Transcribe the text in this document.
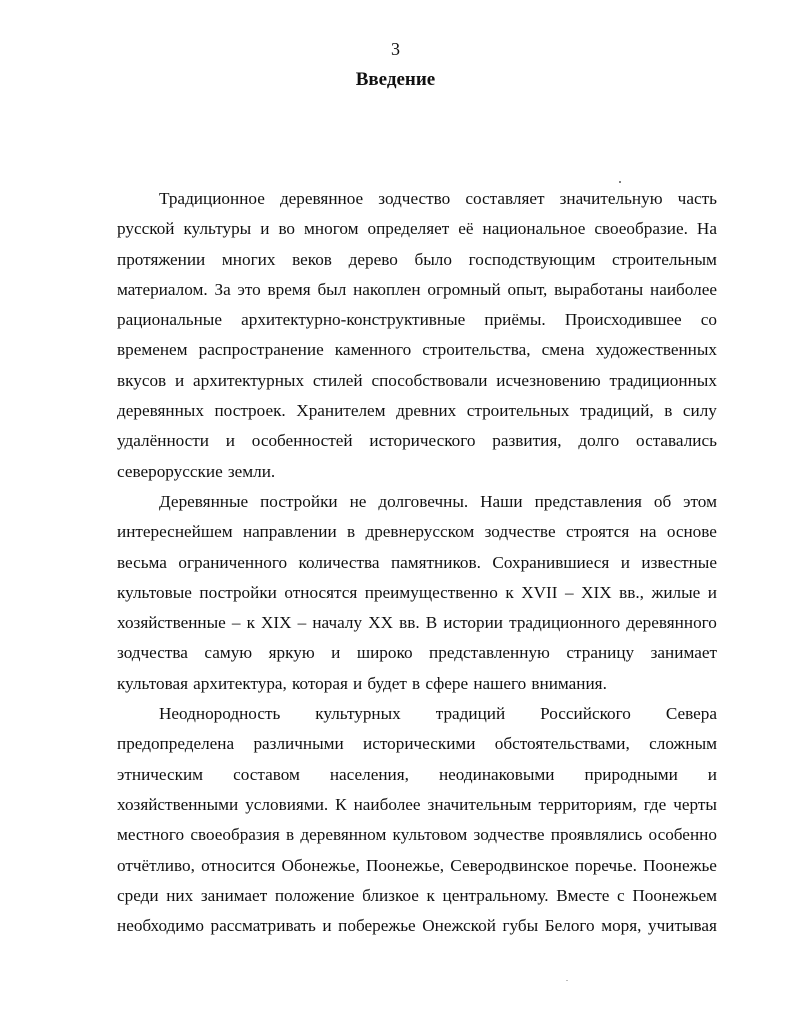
3
Введение
Традиционное деревянное зодчество составляет значительную часть
русской культуры и во многом определяет её национальное своеобразие. На
протяжении многих веков дерево было господствующим строительным
материалом. За это время был накоплен огромный опыт, выработаны наиболее
рациональные архитектурно-конструктивные приёмы. Происходившее со
временем распространение каменного строительства, смена художественных
вкусов и архитектурных стилей способствовали исчезновению традиционных
деревянных построек. Хранителем древних строительных традиций, в силу
удалённости и особенностей исторического развития, долго оставались
северорусские земли.
Деревянные постройки не долговечны. Наши представления об этом
интереснейшем направлении в древнерусском зодчестве строятся на основе
весьма ограниченного количества памятников. Сохранившиеся и известные
культовые постройки относятся преимущественно к XVII – XIX вв., жилые и
хозяйственные – к XIX – началу XX вв. В истории традиционного деревянного
зодчества самую яркую и широко представленную страницу занимает
культовая архитектура, которая и будет в сфере нашего внимания.
Неоднородность культурных традиций Российского Севера
предопределена различными историческими обстоятельствами, сложным
этническим составом населения, неодинаковыми природными и
хозяйственными условиями. К наиболее значительным территориям, где черты
местного своеобразия в деревянном культовом зодчестве проявлялись особенно
отчётливо, относится Обонежье, Поонежье, Северодвинское поречье. Поонежье
среди них занимает положение близкое к центральному. Вместе с Поонежьем
необходимо рассматривать и побережье Онежской губы Белого моря, учитывая
